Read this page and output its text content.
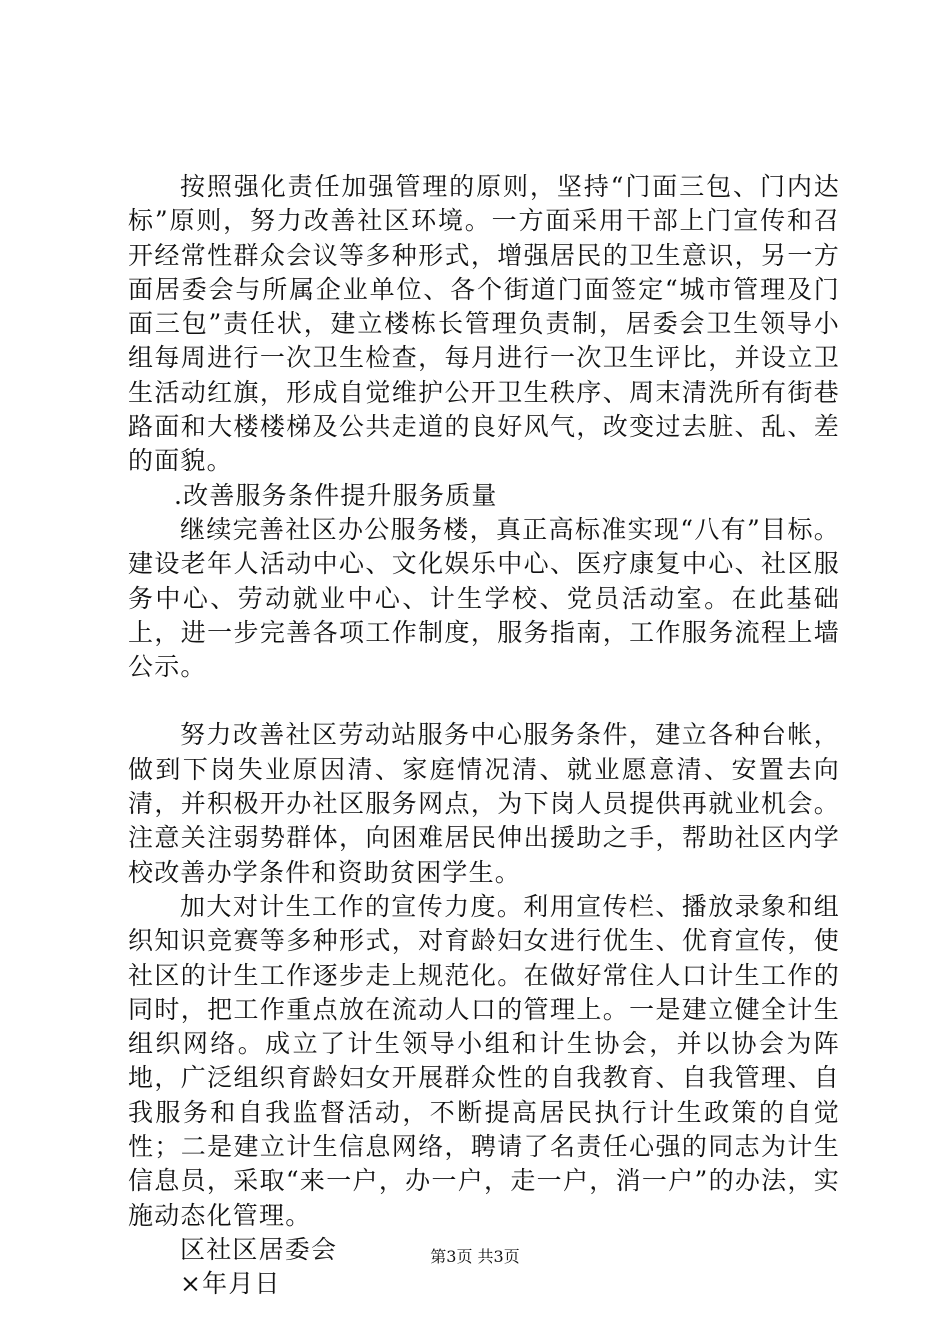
按照强化责任加强管理的原则，坚持“门面三包、门内达标”原则，努力改善社区环境。一方面采用干部上门宣传和召开经常性群众会议等多种形式，增强居民的卫生意识，另一方面居委会与所属企业单位、各个街道门面签定“城市管理及门面三包”责任状，建立楼栋长管理负责制，居委会卫生领导小组每周进行一次卫生检查，每月进行一次卫生评比，并设立卫生活动红旗，形成自觉维护公开卫生秩序、周末清洗所有街巷路面和大楼楼梯及公共走道的良好风气，改变过去脏、乱、差的面貌。

.改善服务条件提升服务质量

继续完善社区办公服务楼，真正高标准实现“八有”目标。建设老年人活动中心、文化娱乐中心、医疗康复中心、社区服务中心、劳动就业中心、计生学校、党员活动室。在此基础上，进一步完善各项工作制度，服务指南，工作服务流程上墙公示。

努力改善社区劳动站服务中心服务条件，建立各种台帐，做到下岗失业原因清、家庭情况清、就业愿意清、安置去向清，并积极开办社区服务网点，为下岗人员提供再就业机会。注意关注弱势群体，向困难居民伸出援助之手，帮助社区内学校改善办学条件和资助贫困学生。

加大对计生工作的宣传力度。利用宣传栏、播放录象和组织知识竞赛等多种形式，对育龄妇女进行优生、优育宣传，使社区的计生工作逐步走上规范化。在做好常住人口计生工作的同时，把工作重点放在流动人口的管理上。一是建立健全计生组织网络。成立了计生领导小组和计生协会，并以协会为阵地，广泛组织育龄妇女开展群众性的自我教育、自我管理、自我服务和自我监督活动，不断提高居民执行计生政策的自觉性；二是建立计生信息网络，聘请了名责任心强的同志为计生信息员，采取“来一户，办一户，走一户，消一户”的办法，实施动态化管理。

区社区居委会

×年月日

第3页 共3页
